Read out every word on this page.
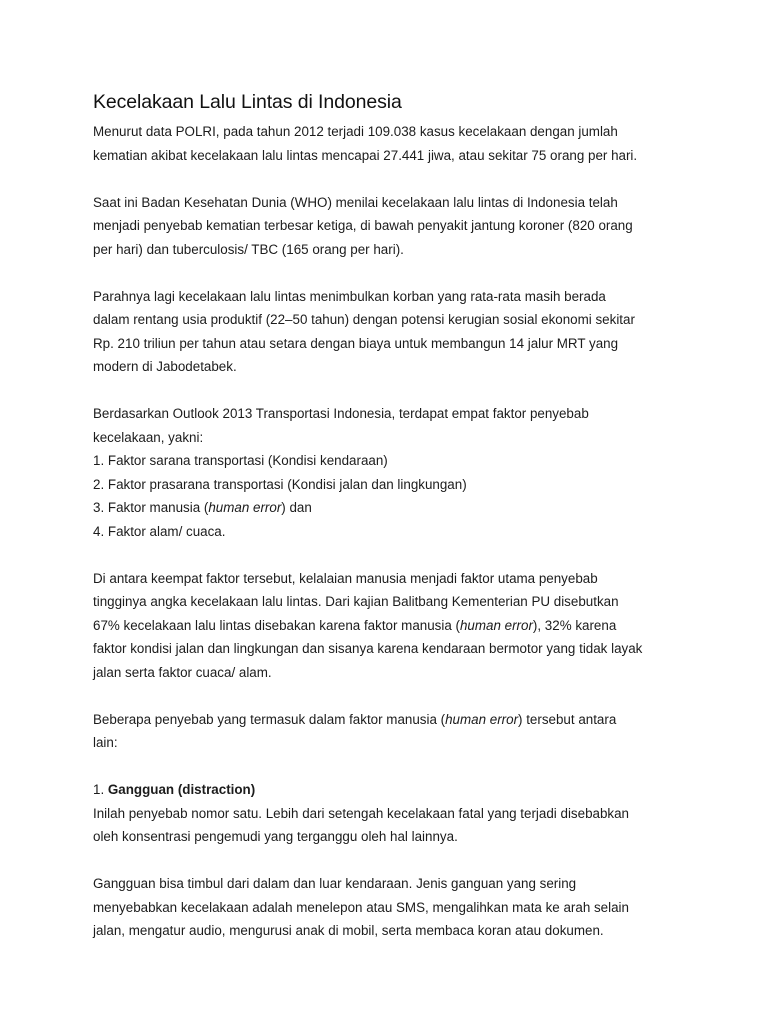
Kecelakaan Lalu Lintas di Indonesia
Menurut data POLRI, pada tahun 2012 terjadi 109.038 kasus kecelakaan dengan jumlah
kematian akibat kecelakaan lalu lintas mencapai 27.441 jiwa, atau sekitar 75 orang per hari.
Saat ini Badan Kesehatan Dunia (WHO) menilai kecelakaan lalu lintas di Indonesia telah
menjadi penyebab kematian terbesar ketiga, di bawah penyakit jantung koroner (820 orang
per hari) dan tuberculosis/ TBC (165 orang per hari).
Parahnya lagi kecelakaan lalu lintas menimbulkan korban yang rata-rata masih berada
dalam rentang usia produktif (22–50 tahun) dengan potensi kerugian sosial ekonomi sekitar
Rp. 210 triliun per tahun atau setara dengan biaya untuk membangun 14 jalur MRT yang
modern di Jabodetabek.
Berdasarkan Outlook 2013 Transportasi Indonesia, terdapat empat faktor penyebab
kecelakaan, yakni:
1. Faktor sarana transportasi (Kondisi kendaraan)
2. Faktor prasarana transportasi (Kondisi jalan dan lingkungan)
3. Faktor manusia (human error) dan
4. Faktor alam/ cuaca.
Di antara keempat faktor tersebut, kelalaian manusia menjadi faktor utama penyebab
tingginya angka kecelakaan lalu lintas. Dari kajian Balitbang Kementerian PU disebutkan
67% kecelakaan lalu lintas disebakan karena faktor manusia (human error), 32% karena
faktor kondisi jalan dan lingkungan dan sisanya karena kendaraan bermotor yang tidak layak
jalan serta faktor cuaca/ alam.
Beberapa penyebab yang termasuk dalam faktor manusia (human error) tersebut antara
lain:
1. Gangguan (distraction)
Inilah penyebab nomor satu. Lebih dari setengah kecelakaan fatal yang terjadi disebabkan
oleh konsentrasi pengemudi yang terganggu oleh hal lainnya.
Gangguan bisa timbul dari dalam dan luar kendaraan. Jenis ganguan yang sering
menyebabkan kecelakaan adalah menelepon atau SMS, mengalihkan mata ke arah selain
jalan, mengatur audio, mengurusi anak di mobil, serta membaca koran atau dokumen.
